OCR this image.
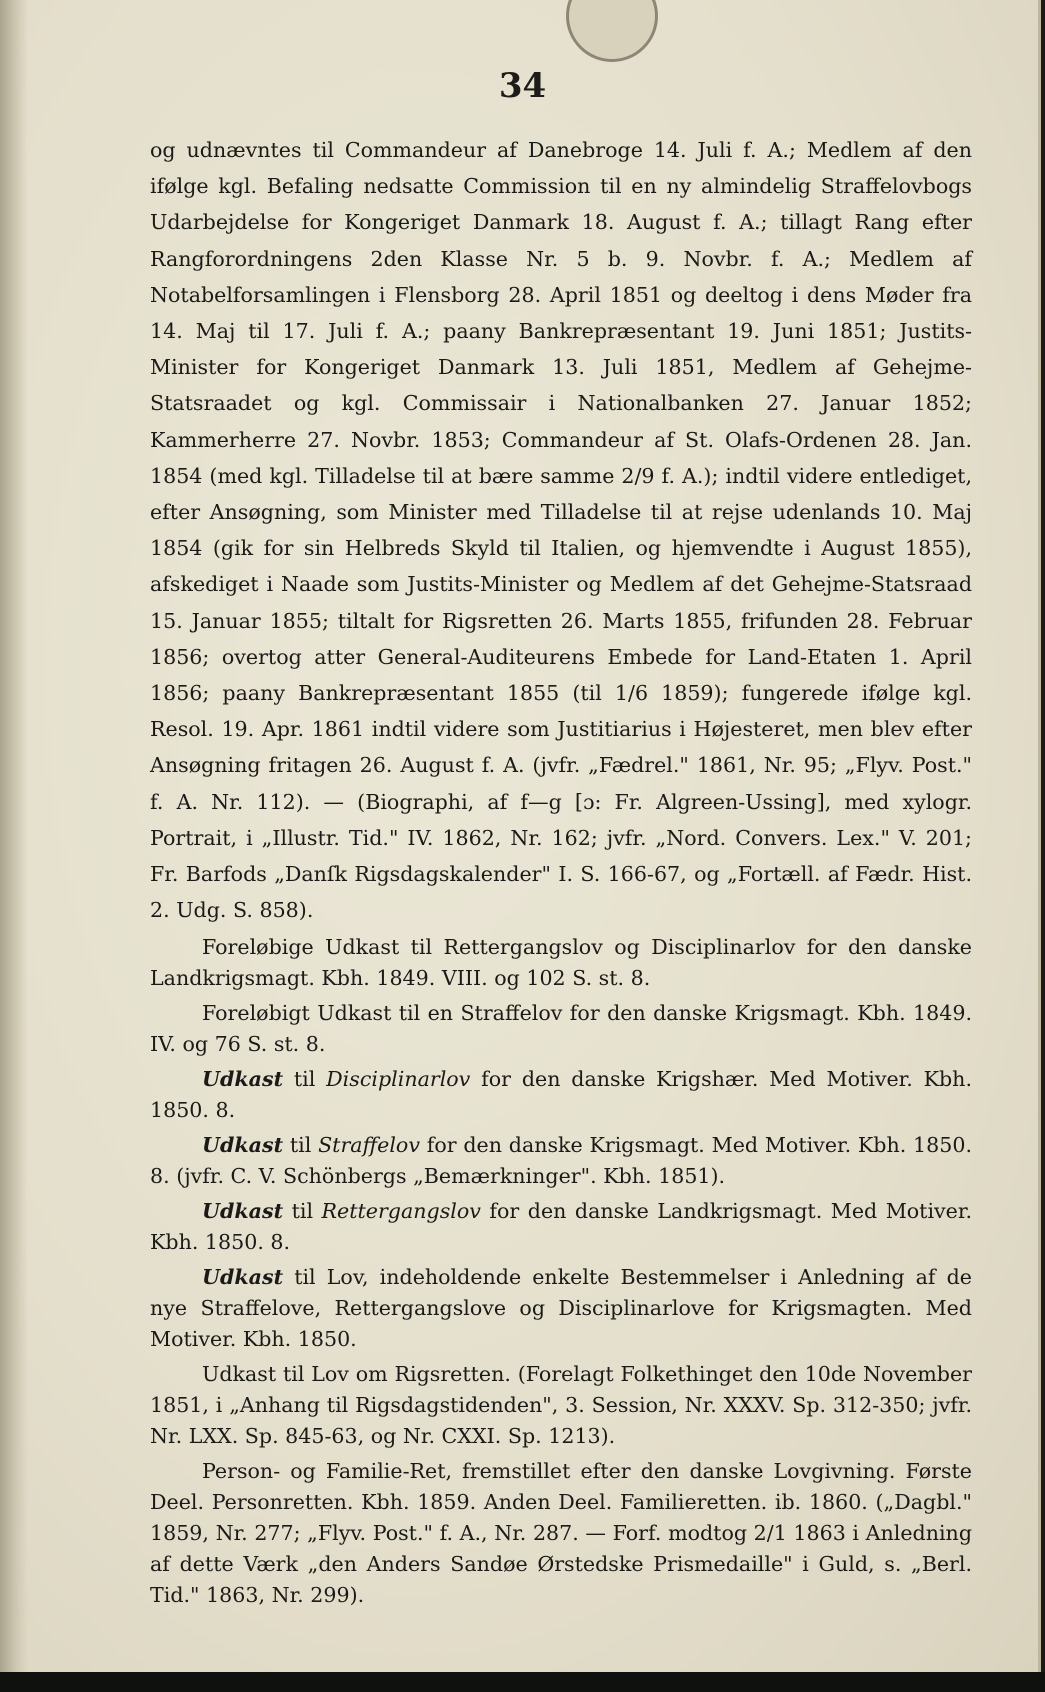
34

og udnævntes til Commandeur af Danebroge 14. Juli f. A.; Medlem af den ifølge kgl. Befaling nedsatte Commission til en ny almindelig Straffelovbogs Udarbejdelse for Kongeriget Danmark 18. August f. A.; tillagt Rang efter Rangforordningens 2den Klasse Nr. 5 b. 9. Novbr. f. A.; Medlem af Notabelforsamlingen i Flensborg 28. April 1851 og deeltog i dens Møder fra 14. Maj til 17. Juli f. A.; paany Bankrepræsentant 19. Juni 1851; Justits-Minister for Kongeriget Danmark 13. Juli 1851, Medlem af Gehejme-Statsraadet og kgl. Commissair i Nationalbanken 27. Januar 1852; Kammerherre 27. Novbr. 1853; Commandeur af St. Olafs-Ordenen 28. Jan. 1854 (med kgl. Tilladelse til at bære samme 2/9 f. A.); indtil videre entlediget, efter Ansøgning, som Minister med Tilladelse til at rejse udenlands 10. Maj 1854 (gik for sin Helbreds Skyld til Italien, og hjemvendte i August 1855), afskediget i Naade som Justits-Minister og Medlem af det Gehejme-Statsraad 15. Januar 1855; tiltalt for Rigsretten 26. Marts 1855, frifunden 28. Februar 1856; overtog atter General-Auditeurens Embede for Land-Etaten 1. April 1856; paany Bankrepræsentant 1855 (til 1/6 1859); fungerede ifølge kgl. Resol. 19. Apr. 1861 indtil videre som Justitiarius i Højesteret, men blev efter Ansøgning fritagen 26. August f. A. (jvfr. „Fædrel." 1861, Nr. 95; „Flyv. Post." f. A. Nr. 112). — (Biographi, af f—g [ɔ: Fr. Algreen-Ussing], med xylogr. Portrait, i „Illustr. Tid." IV. 1862, Nr. 162; jvfr. „Nord. Convers. Lex." V. 201; Fr. Barfods „Danſk Rigsdagskalender" I. S. 166-67, og „Fortæll. af Fædr. Hist. 2. Udg. S. 858).

Foreløbige Udkast til Rettergangslov og Disciplinarlov for den danske Landkrigsmagt. Kbh. 1849. VIII. og 102 S. st. 8.

Foreløbigt Udkast til en Straffelov for den danske Krigsmagt. Kbh. 1849. IV. og 76 S. st. 8.

Udkast til Disciplinarlov for den danske Krigshær. Med Motiver. Kbh. 1850. 8.

Udkast til Straffelov for den danske Krigsmagt. Med Motiver. Kbh. 1850. 8. (jvfr. C. V. Schönbergs „Bemærkninger". Kbh. 1851).

Udkast til Rettergangslov for den danske Landkrigsmagt. Med Motiver. Kbh. 1850. 8.

Udkast til Lov, indeholdende enkelte Bestemmelser i Anledning af de nye Straffelove, Rettergangslove og Disciplinarlove for Krigsmagten. Med Motiver. Kbh. 1850.

Udkast til Lov om Rigsretten. (Forelagt Folkethinget den 10de November 1851, i „Anhang til Rigsdagstidenden", 3. Session, Nr. XXXV. Sp. 312-350; jvfr. Nr. LXX. Sp. 845-63, og Nr. CXXI. Sp. 1213).

Person- og Familie-Ret, fremstillet efter den danske Lovgivning. Første Deel. Personretten. Kbh. 1859. Anden Deel. Familieretten. ib. 1860. („Dagbl." 1859, Nr. 277; „Flyv. Post." f. A., Nr. 287. — Forf. modtog 2/1 1863 i Anledning af dette Værk „den Anders Sandøe Ørstedske Prismedaille" i Guld, s. „Berl. Tid." 1863, Nr. 299).
